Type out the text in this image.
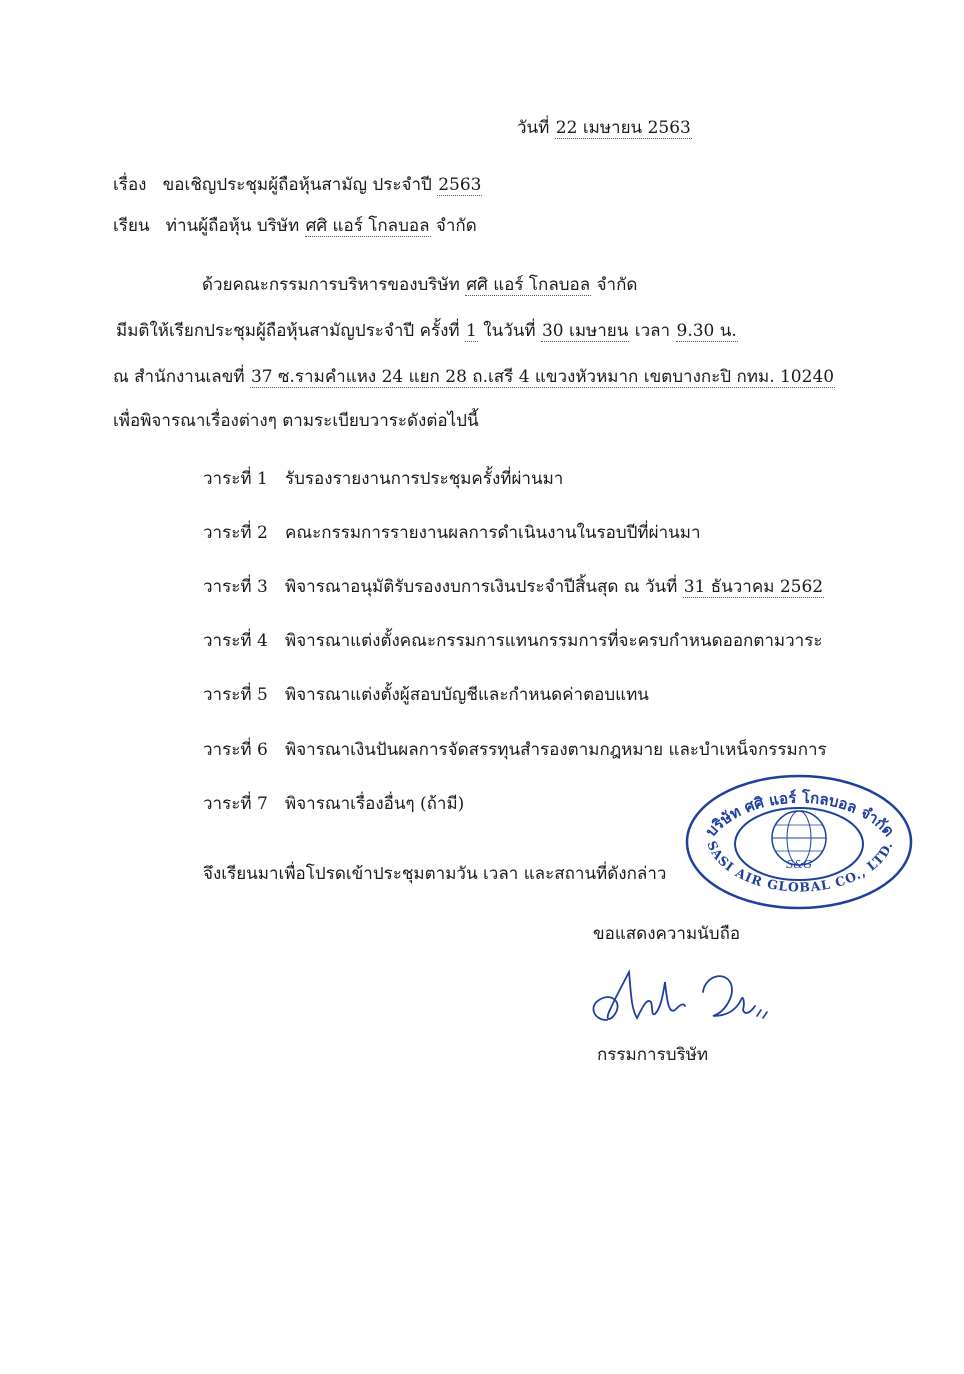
วันที่ 22 เมษายน 2563
เรื่อง ขอเชิญประชุมผู้ถือหุ้นสามัญ ประจำปี 2563
เรียน ท่านผู้ถือหุ้น บริษัท ศศิ แอร์ โกลบอล จำกัด
ด้วยคณะกรรมการบริหารของบริษัท ศศิ แอร์ โกลบอล จำกัด
มีมติให้เรียกประชุมผู้ถือหุ้นสามัญประจำปี ครั้งที่ 1 ในวันที่ 30 เมษายน เวลา 9.30 น.
ณ สำนักงานเลขที่ 37 ซ.รามคำแหง 24 แยก 28 ถ.เสรี 4 แขวงหัวหมาก เขตบางกะปิ กทม. 10240
เพื่อพิจารณาเรื่องต่างๆ ตามระเบียบวาระดังต่อไปนี้
วาระที่ 1 รับรองรายงานการประชุมครั้งที่ผ่านมา
วาระที่ 2 คณะกรรมการรายงานผลการดำเนินงานในรอบปีที่ผ่านมา
วาระที่ 3 พิจารณาอนุมัติรับรองงบการเงินประจำปีสิ้นสุด ณ วันที่ 31 ธันวาคม 2562
วาระที่ 4 พิจารณาแต่งตั้งคณะกรรมการแทนกรรมการที่จะครบกำหนดออกตามวาระ
วาระที่ 5 พิจารณาแต่งตั้งผู้สอบบัญชีและกำหนดค่าตอบแทน
วาระที่ 6 พิจารณาเงินปันผลการจัดสรรทุนสำรองตามกฎหมาย และบำเหน็จกรรมการ
วาระที่ 7 พิจารณาเรื่องอื่นๆ (ถ้ามี)
จึงเรียนมาเพื่อโปรดเข้าประชุมตามวัน เวลา และสถานที่ดังกล่าว
ขอแสดงความนับถือ
บริษัท ศศิ แอร์ โกลบอล จำกัด
SASI AIR GLOBAL CO., LTD.
S&G
กรรมการบริษัท
